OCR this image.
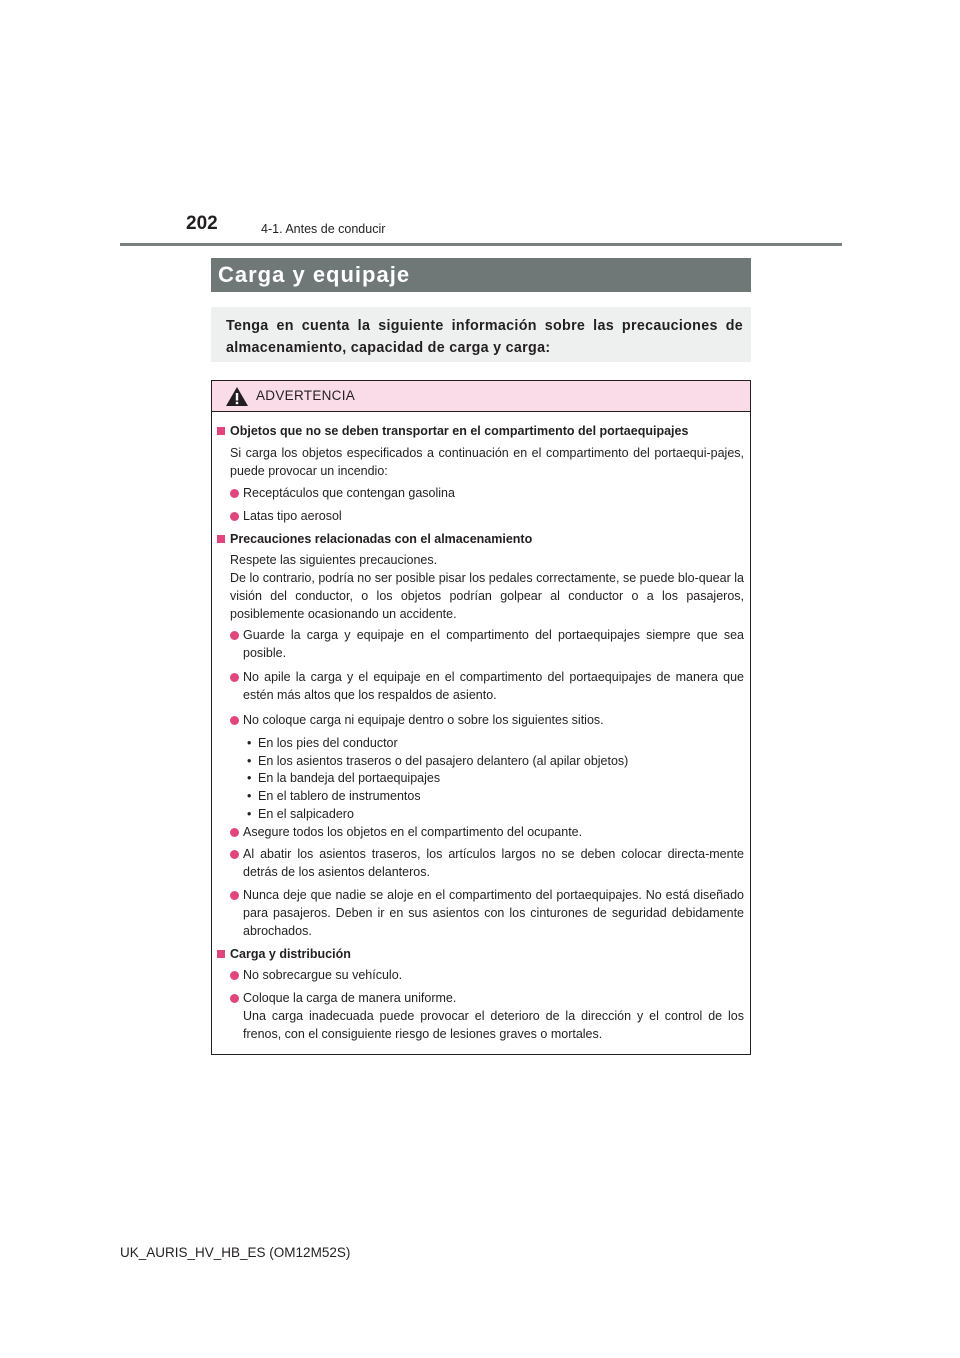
202	4-1. Antes de conducir
Carga y equipaje
Tenga en cuenta la siguiente información sobre las precauciones de almacenamiento, capacidad de carga y carga:
ADVERTENCIA
Objetos que no se deben transportar en el compartimento del portaequipajes
Si carga los objetos especificados a continuación en el compartimento del portaequi-pajes, puede provocar un incendio:
Receptáculos que contengan gasolina
Latas tipo aerosol
Precauciones relacionadas con el almacenamiento
Respete las siguientes precauciones.
De lo contrario, podría no ser posible pisar los pedales correctamente, se puede blo-quear la visión del conductor, o los objetos podrían golpear al conductor o a los pasajeros, posiblemente ocasionando un accidente.
Guarde la carga y equipaje en el compartimento del portaequipajes siempre que sea posible.
No apile la carga y el equipaje en el compartimento del portaequipajes de manera que estén más altos que los respaldos de asiento.
No coloque carga ni equipaje dentro o sobre los siguientes sitios.
• En los pies del conductor
• En los asientos traseros o del pasajero delantero (al apilar objetos)
• En la bandeja del portaequipajes
• En el tablero de instrumentos
• En el salpicadero
Asegure todos los objetos en el compartimento del ocupante.
Al abatir los asientos traseros, los artículos largos no se deben colocar directa-mente detrás de los asientos delanteros.
Nunca deje que nadie se aloje en el compartimento del portaequipajes. No está diseñado para pasajeros. Deben ir en sus asientos con los cinturones de seguridad debidamente abrochados.
Carga y distribución
No sobrecargue su vehículo.
Coloque la carga de manera uniforme.
Una carga inadecuada puede provocar el deterioro de la dirección y el control de los frenos, con el consiguiente riesgo de lesiones graves o mortales.
UK_AURIS_HV_HB_ES (OM12M52S)
